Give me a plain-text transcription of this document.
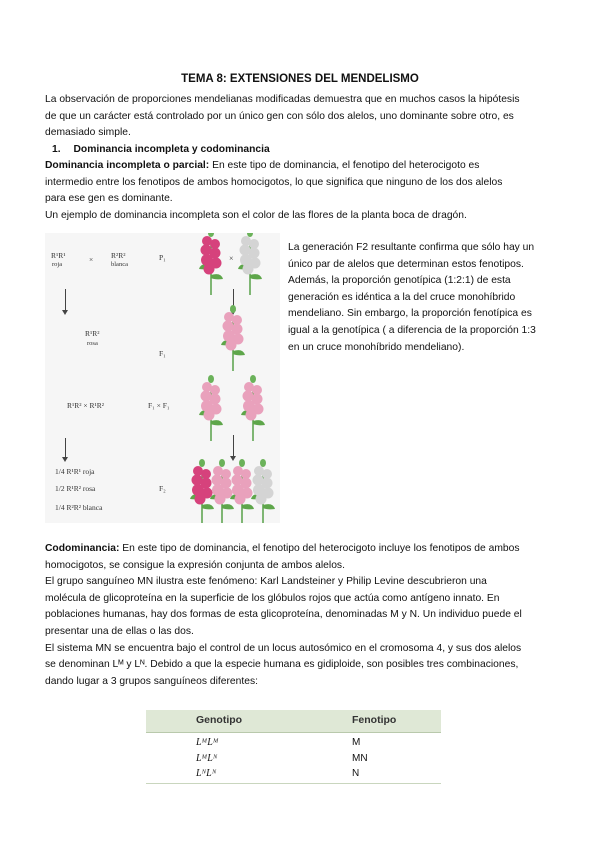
TEMA 8: EXTENSIONES DEL MENDELISMO
La observación de proporciones mendelianas modificadas demuestra que en muchos casos la hipótesis
de que un carácter está controlado por un único gen con sólo dos alelos, uno dominante sobre otro, es
demasiado simple.
1. Dominancia incompleta y codominancia
Dominancia incompleta o parcial: En este tipo de dominancia, el fenotipo del heterocigoto es
intermedio entre los fenotipos de ambos homocigotos, lo que significa que ninguno de los dos alelos
para ese gen es dominante.
Un ejemplo de dominancia incompleta son el color de las flores de la planta boca de dragón.
R¹R¹
roja
× R²R²
blanca
P₁
R¹R²
rosa
F₁
R¹R² × R¹R²	F₁ × F₁
1/4 R¹R¹ roja
1/2 R¹R² rosa
1/4 R²R² blanca
F₂
×
La generación F2 resultante confirma que sólo hay un
único par de alelos que determinan estos fenotipos.
Además, la proporción genotípica (1:2:1) de esta
generación es idéntica a la del cruce monohíbrido
mendeliano. Sin embargo, la proporción fenotípica es
igual a la genotípica ( a diferencia de la proporción 1:3
en un cruce monohíbrido mendeliano).
Codominancia: En este tipo de dominancia, el fenotipo del heterocigoto incluye los fenotipos de ambos
homocigotos, se consigue la expresión conjunta de ambos alelos.
El grupo sanguíneo MN ilustra este fenómeno: Karl Landsteiner y Philip Levine descubrieron una
molécula de glicoproteína en la superficie de los glóbulos rojos que actúa como antígeno innato. En
poblaciones humanas, hay dos formas de esta glicoproteína, denominadas M y N. Un individuo puede el
presentar una de ellas o las dos.
El sistema MN se encuentra bajo el control de un locus autosómico en el cromosoma 4, y sus dos alelos
se denominan Lᴹ y Lᴺ. Debido a que la especie humana es gidiploide, son posibles tres combinaciones,
dando lugar a 3 grupos sanguíneos diferentes:
Genotipo	Fenotipo
LᴹLᴹ	M
LᴹLᴺ	MN
LᴺLᴺ	N
